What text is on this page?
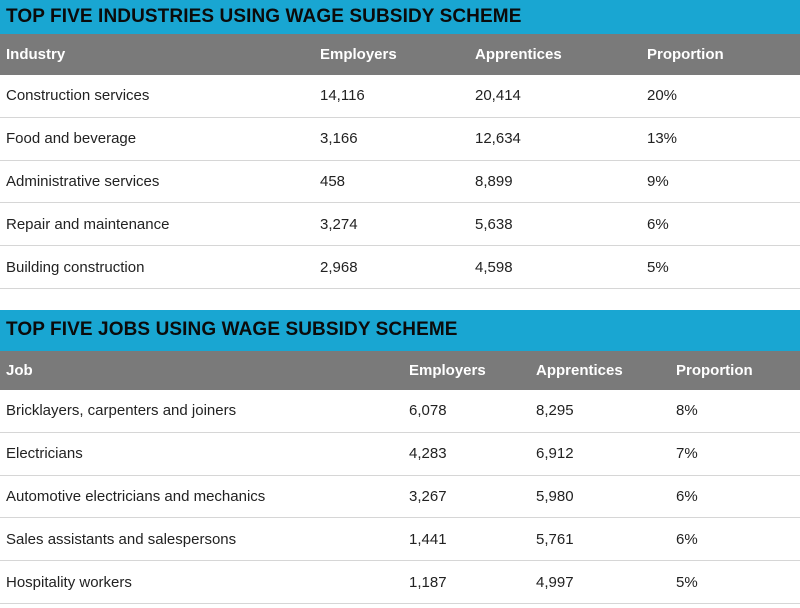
TOP FIVE INDUSTRIES USING WAGE SUBSIDY SCHEME
Industry	Employers	Apprentices	Proportion
Construction services	14,116	20,414	20%
Food and beverage	3,166	12,634	13%
Administrative services	458	8,899	9%
Repair and maintenance	3,274	5,638	6%
Building construction	2,968	4,598	5%
TOP FIVE JOBS USING WAGE SUBSIDY SCHEME
Job	Employers	Apprentices	Proportion
Bricklayers, carpenters and joiners	6,078	8,295	8%
Electricians	4,283	6,912	7%
Automotive electricians and mechanics	3,267	5,980	6%
Sales assistants and salespersons	1,441	5,761	6%
Hospitality workers	1,187	4,997	5%
